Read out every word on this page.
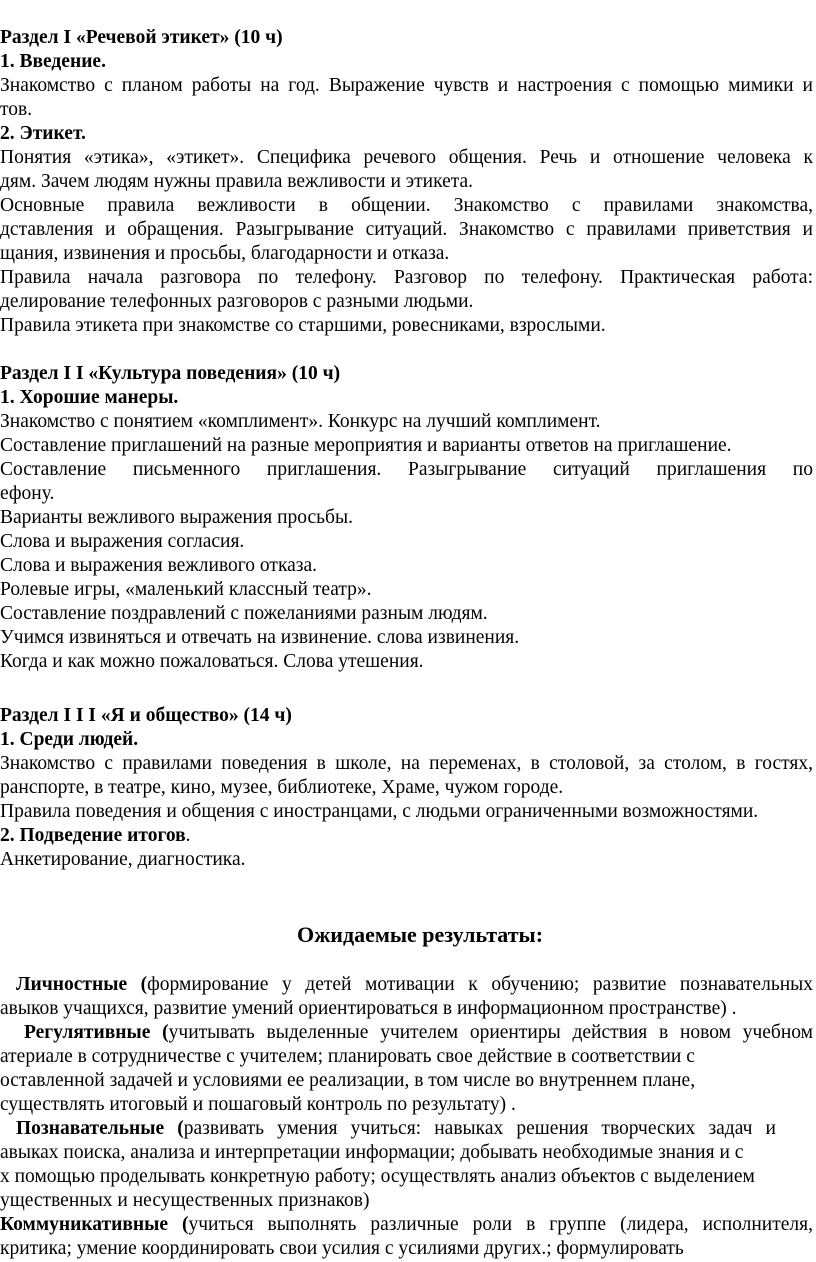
Раздел I «Речевой этикет» (10 ч)
1. Введение.
Знакомство с планом работы на год. Выражение чувств и настроения с помощью мимики и
тов.
2. Этикет.
Понятия «этика», «этикет». Специфика речевого общения. Речь и отношение человека к
дям. Зачем людям нужны правила вежливости и этикета.
Основные правила вежливости в общении. Знакомство с правилами знакомства,
дставления и обращения. Разыгрывание ситуаций. Знакомство с правилами приветствия и
щания, извинения и просьбы, благодарности и отказа.
Правила начала разговора по телефону. Разговор по телефону. Практическая работа:
делирование телефонных разговоров с разными людьми.
Правила этикета при знакомстве со старшими, ровесниками, взрослыми.
Раздел I I «Культура поведения» (10 ч)
1. Хорошие манеры.
Знакомство с понятием «комплимент». Конкурс на лучший комплимент.
Составление приглашений на разные мероприятия и варианты ответов на приглашение.
Составление письменного приглашения. Разыгрывание ситуаций приглашения по
ефону.
Варианты вежливого выражения просьбы.
Слова и выражения согласия.
Слова и выражения вежливого отказа.
Ролевые игры, «маленький классный театр».
Составление поздравлений с пожеланиями разным людям.
Учимся извиняться и отвечать на извинение. слова извинения.
Когда и как можно пожаловаться. Слова утешения.
Раздел I I I «Я и общество» (14 ч)
1. Среди людей.
Знакомство с правилами поведения в школе, на переменах, в столовой, за столом, в гостях,
ранспорте, в театре, кино, музее, библиотеке, Храме, чужом городе.
Правила поведения и общения с иностранцами, с людьми ограниченными возможностями.
2. Подведение итогов.
Анкетирование, диагностика.
Ожидаемые результаты:
Личностные (формирование у детей мотивации к обучению; развитие познавательных
авыков учащихся, развитие умений ориентироваться в информационном пространстве) .
Регулятивные (учитывать выделенные учителем ориентиры действия в новом учебном
атериале в сотрудничестве с учителем; планировать свое действие в соответствии с
оставленной задачей и условиями ее реализации, в том числе во внутреннем плане,
существлять итоговый и пошаговый контроль по результату) .
Познавательные (развивать умения учиться: навыках решения творческих задач и
авыках поиска, анализа и интерпретации информации; добывать необходимые знания и с
х помощью проделывать конкретную работу; осуществлять анализ объектов с выделением
ущественных и несущественных признаков)
Коммуникативные (учиться выполнять различные роли в группе (лидера, исполнителя,
критика; умение координировать свои усилия с усилиями других.; формулировать
